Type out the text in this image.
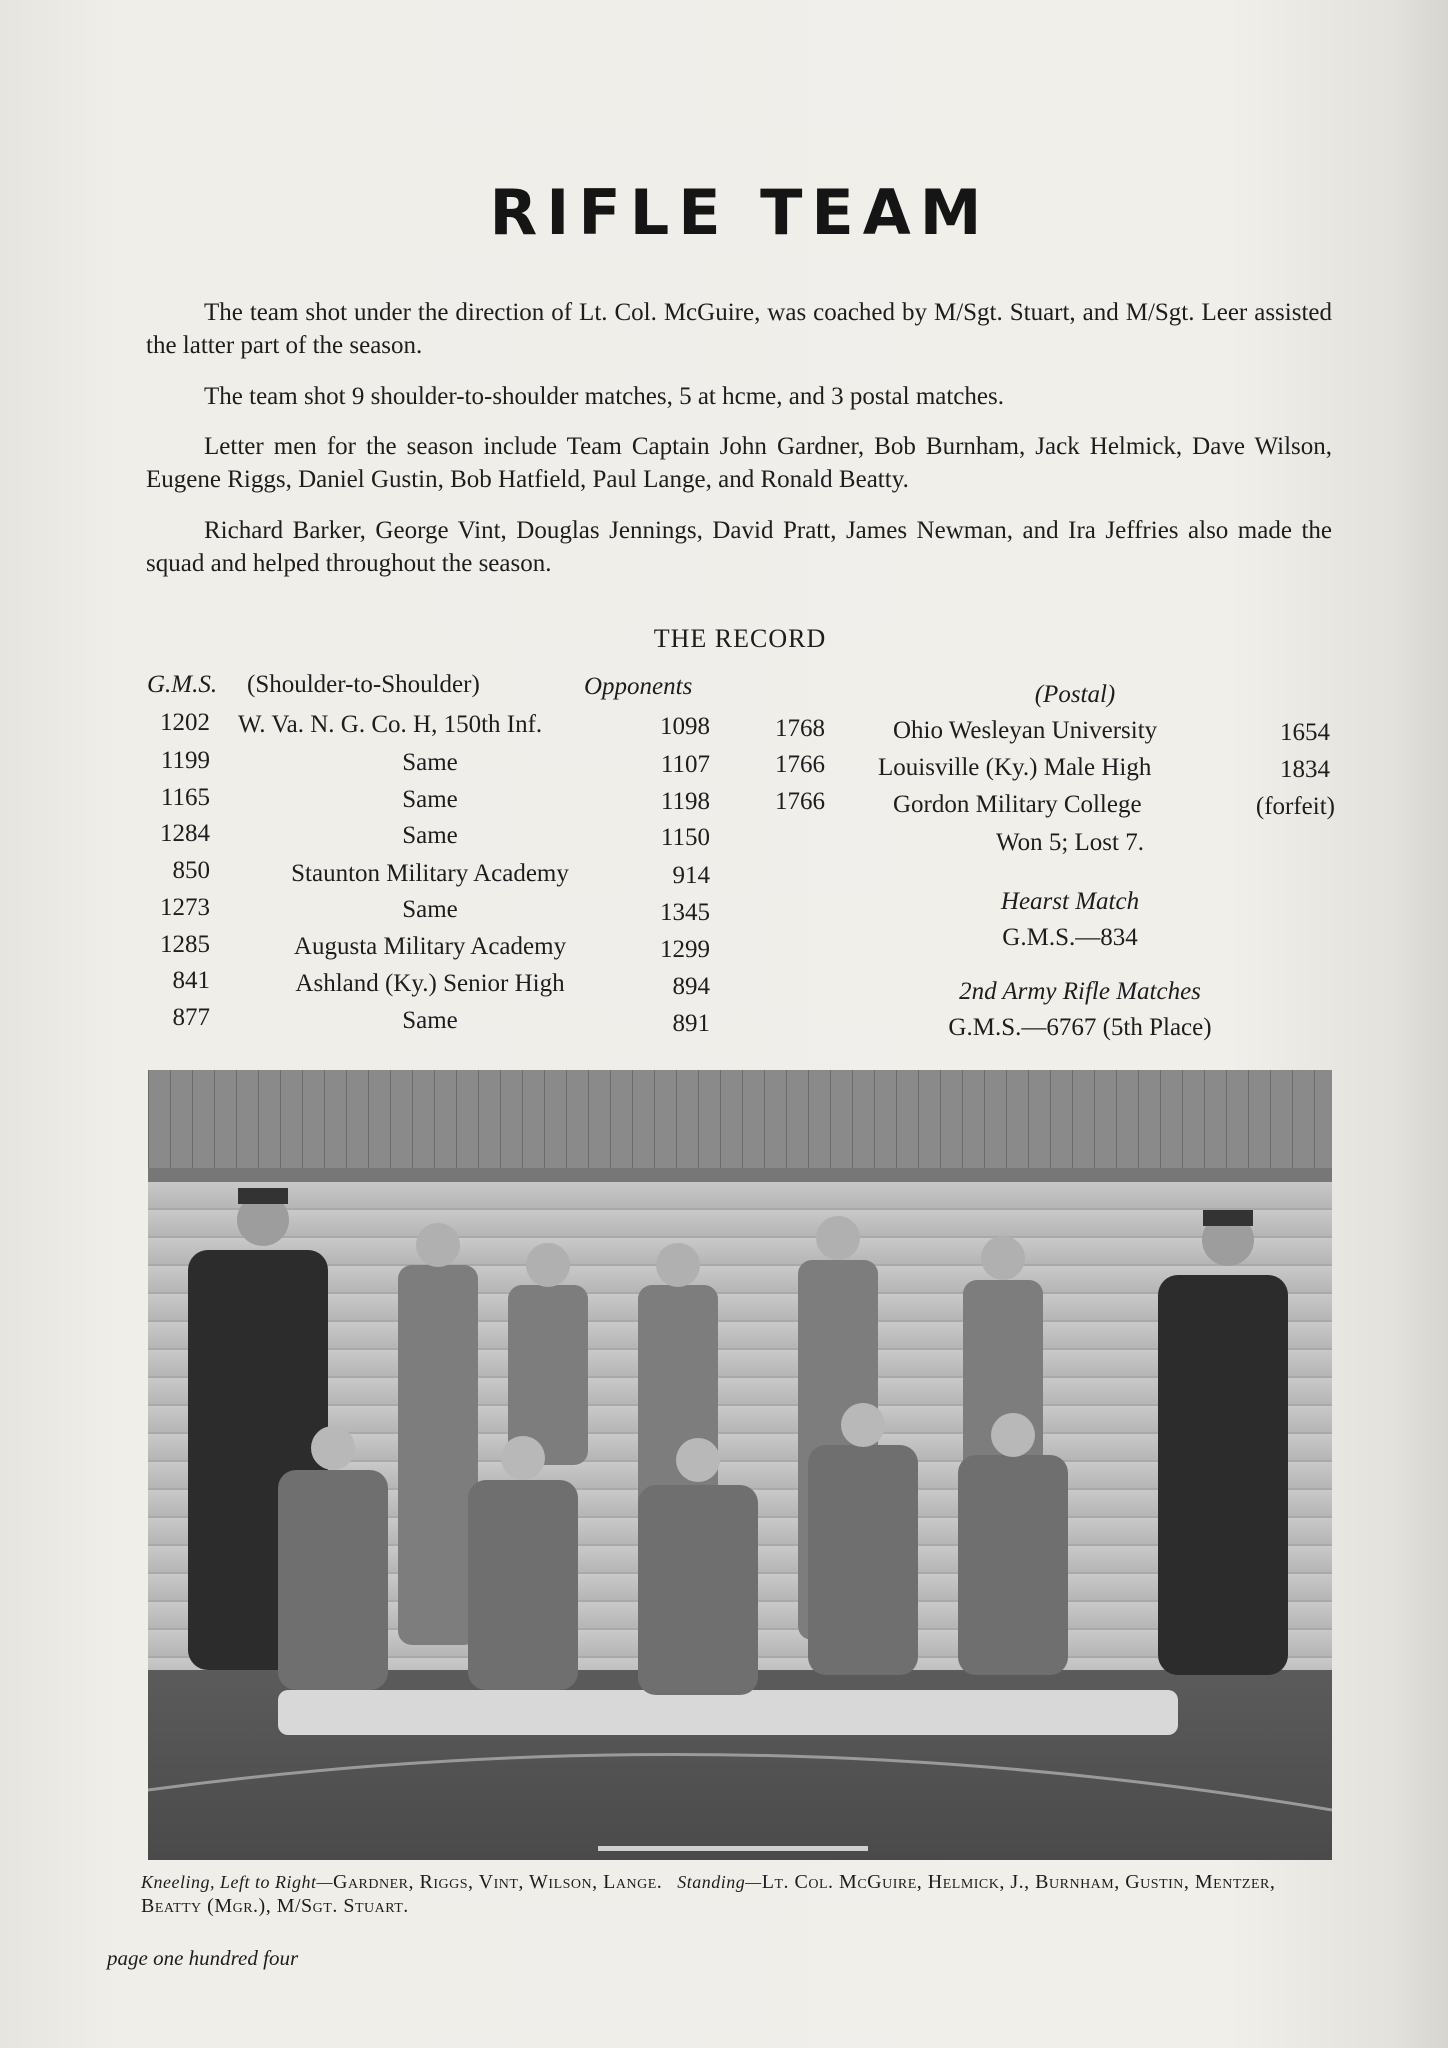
RIFLE TEAM
The team shot under the direction of Lt. Col. McGuire, was coached by M/Sgt. Stuart, and M/Sgt. Leer assisted the latter part of the season.
The team shot 9 shoulder-to-shoulder matches, 5 at hcme, and 3 postal matches.
Letter men for the season include Team Captain John Gardner, Bob Burnham, Jack Helmick, Dave Wilson, Eugene Riggs, Daniel Gustin, Bob Hatfield, Paul Lange, and Ronald Beatty.
Richard Barker, George Vint, Douglas Jennings, David Pratt, James Newman, and Ira Jeffries also made the squad and helped throughout the season.
THE RECORD
G.M.S. (Shoulder-to-Shoulder)	Opponents	(Postal)
1202 W. Va. N. G. Co. H, 150th Inf.	1098
1199	Same	1107
1165	Same	1198
1284	Same	1150
850	Staunton Military Academy	914
1273	Same	1345
1285	Augusta Military Academy	1299
841	Ashland (Ky.) Senior High	894
877	Same	891
1768	Ohio Wesleyan University	1654
1766 Louisville (Ky.) Male High	1834
1766	Gordon Military College	(forfeit)
Won 5; Lost 7.
Hearst Match
G.M.S.—834
2nd Army Rifle Matches
G.M.S.—6767 (5th Place)
Kneeling, Left to Right—Gardner, Riggs, Vint, Wilson, Lange. Standing—Lt. Col. McGuire, Helmick, J., Burnham, Gustin, Mentzer, Beatty (Mgr.), M/Sgt. Stuart.
page one hundred four
